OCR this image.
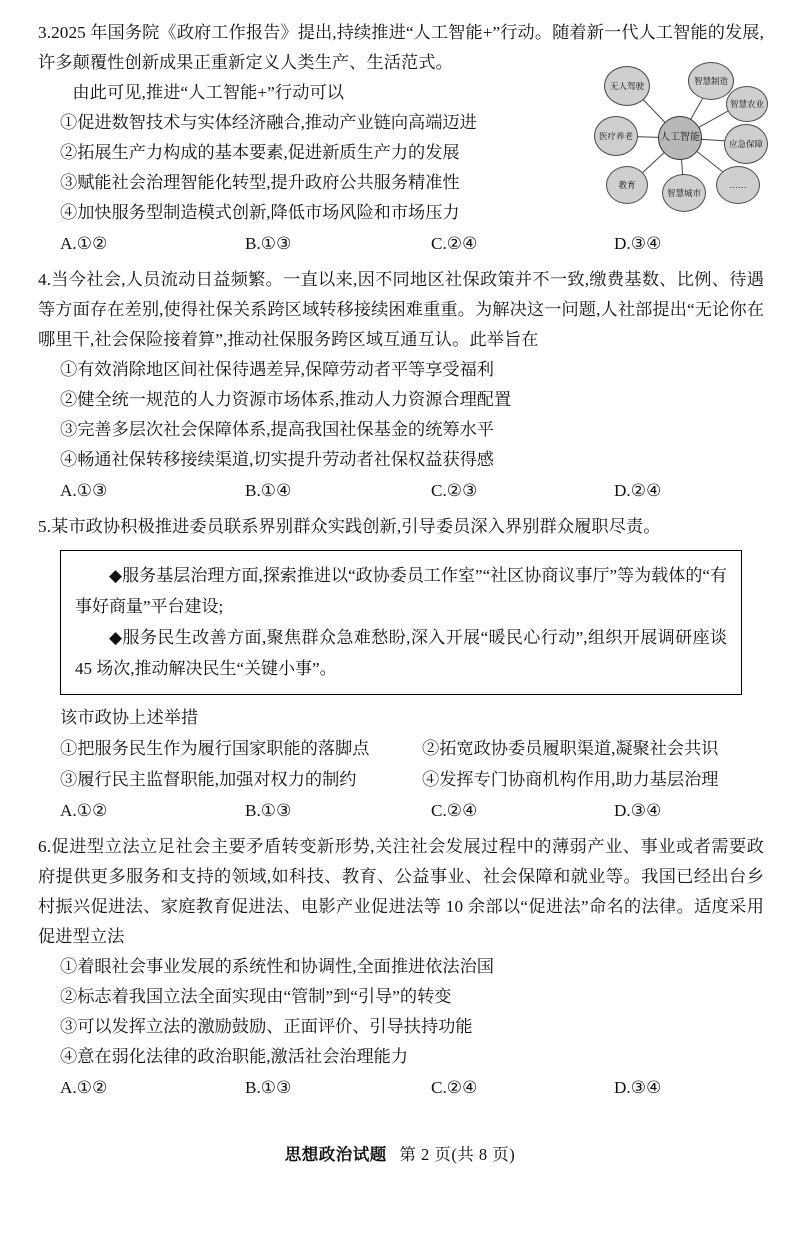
无人驾驶	智慧制造
智慧农业
医疗养老
应急保障
教育
智慧城市
……
人工智能
3.2025 年国务院《政府工作报告》提出,持续推进“人工智能+”行动。随着新一代人工智能的发展,许多颠覆性创新成果正重新定义人类生产、生活范式。
由此可见,推进“人工智能+”行动可以
①促进数智技术与实体经济融合,推动产业链向高端迈进
②拓展生产力构成的基本要素,促进新质生产力的发展
③赋能社会治理智能化转型,提升政府公共服务精准性
④加快服务型制造模式创新,降低市场风险和市场压力
A.①②	B.①③	C.②④	D.③④
4.当今社会,人员流动日益频繁。一直以来,因不同地区社保政策并不一致,缴费基数、比例、待遇等方面存在差别,使得社保关系跨区域转移接续困难重重。为解决这一问题,人社部提出“无论你在哪里干,社会保险接着算”,推动社保服务跨区域互通互认。此举旨在
①有效消除地区间社保待遇差异,保障劳动者平等享受福利
②健全统一规范的人力资源市场体系,推动人力资源合理配置
③完善多层次社会保障体系,提高我国社保基金的统筹水平
④畅通社保转移接续渠道,切实提升劳动者社保权益获得感
A.①③	B.①④	C.②③	D.②④
5.某市政协积极推进委员联系界别群众实践创新,引导委员深入界别群众履职尽责。

◆服务基层治理方面,探索推进以“政协委员工作室”“社区协商议事厅”等为载体的“有事好商量”平台建设;

◆服务民生改善方面,聚焦群众急难愁盼,深入开展“暖民心行动”,组织开展调研座谈 45 场次,推动解决民生“关键小事”。

该市政协上述举措
①把服务民生作为履行国家职能的落脚点	②拓宽政协委员履职渠道,凝聚社会共识
③履行民主监督职能,加强对权力的制约	④发挥专门协商机构作用,助力基层治理
A.①②	B.①③	C.②④	D.③④
6.促进型立法立足社会主要矛盾转变新形势,关注社会发展过程中的薄弱产业、事业或者需要政府提供更多服务和支持的领域,如科技、教育、公益事业、社会保障和就业等。我国已经出台乡村振兴促进法、家庭教育促进法、电影产业促进法等 10 余部以“促进法”命名的法律。适度采用促进型立法
①着眼社会事业发展的系统性和协调性,全面推进依法治国
②标志着我国立法全面实现由“管制”到“引导”的转变
③可以发挥立法的激励鼓励、正面评价、引导扶持功能
④意在弱化法律的政治职能,激活社会治理能力
A.①②	B.①③	C.②④	D.③④
思想政治试题 第 2 页(共 8 页)
